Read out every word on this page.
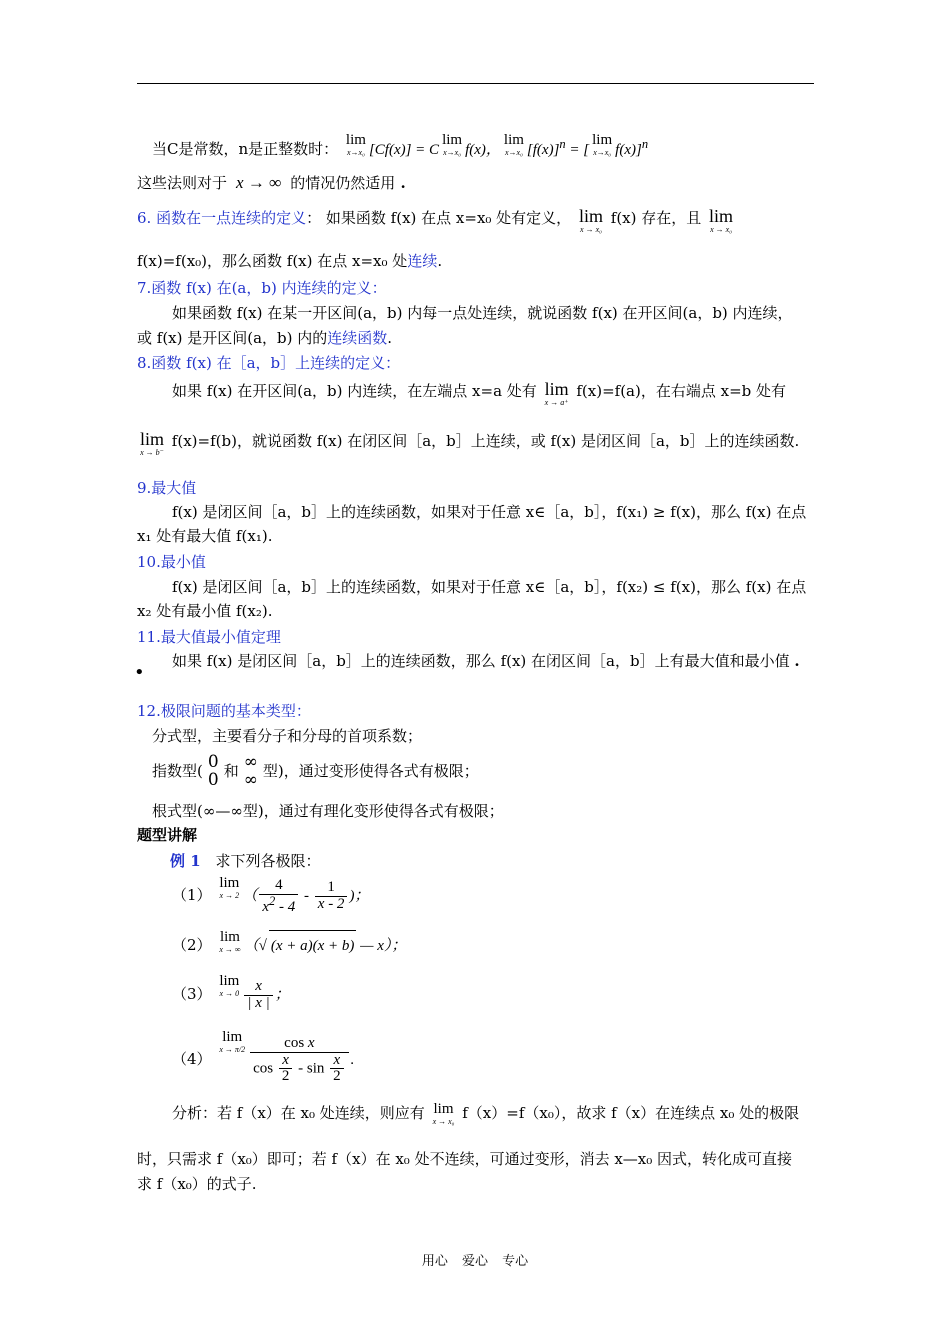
当C是常数，n是正整数时： lim
x→x₀ [Cf(x)] = C
lim
x→x₀ f(x)，
lim
x→x₀ $[f(x)]^n$ = [
lim
x→x₀ f(x)]$^n$
这些法则对于  x → ∞  的情况仍然适用 .
6. 函数在一点连续的定义： 如果函数 f(x) 在点 x=x₀ 处有定义， lim
x → x₀
f(x) 存在，且 lim
x → x₀
f(x)=f(x₀)，那么函数 f(x) 在点 x=x₀ 处连续.
7.函数 f(x) 在(a，b) 内连续的定义：
如果函数 f(x) 在某一开区间(a，b) 内每一点处连续，就说函数 f(x) 在开区间(a，b) 内连续，
或 f(x) 是开区间(a，b) 内的连续函数.
8.函数 f(x) 在［a，b］上连续的定义：
如果 f(x) 在开区间(a，b) 内连续，在左端点 x=a 处有 lim
x → a⁺
f(x)=f(a)，在右端点 x=b 处有
lim
x → b⁻
f(x)=f(b)，就说函数 f(x) 在闭区间［a，b］上连续，或 f(x) 是闭区间［a，b］上的连续函数.
9.最大值
f(x) 是闭区间［a，b］上的连续函数，如果对于任意 x∈［a，b］，f(x₁) ≥ f(x)，那么 f(x) 在点
x₁ 处有最大值 f(x₁).
10.最小值
f(x) 是闭区间［a，b］上的连续函数，如果对于任意 x∈［a，b］，f(x₂) ≤ f(x)，那么 f(x) 在点
x₂ 处有最小值 f(x₂).
11.最大值最小值定理
如果 f(x) 是闭区间［a，b］上的连续函数，那么 f(x) 在闭区间［a，b］上有最大值和最小值 .
•
12.极限问题的基本类型：
分式型，主要看分子和分母的首项系数；
指数型( 0
0 和 ∞
∞ 型)，通过变形使得各式有极限；
根式型(∞—∞型)，通过有理化变形使得各式有极限；
题型讲解
例 1 求下列各极限：
（1）
lim
x → 2 （ $\frac{4}{x^2 - 4} - \frac{1}{x - 2}$ )；
（2） lim
x → ∞ （√ (x + a)(x + b) — x）；
（3）
lim
$x \to 0 \frac{x}{| x |}$ ；
（4）
lim
$x \to \pi/2 \frac{\text{cos x}}{\cos \frac{x}{2} - \sin \frac{x}{2}}$ .
分析：若 f（x）在 x₀ 处连续，则应有 lim
x → x₀ f（x）=f（x₀），故求 f（x）在连续点 x₀ 处的极限
时，只需求 f（x₀）即可；若 f（x）在 x₀ 处不连续，可通过变形，消去 x—x₀ 因式，转化成可直接
求 f（x₀）的式子.
用心 爱心 专心
